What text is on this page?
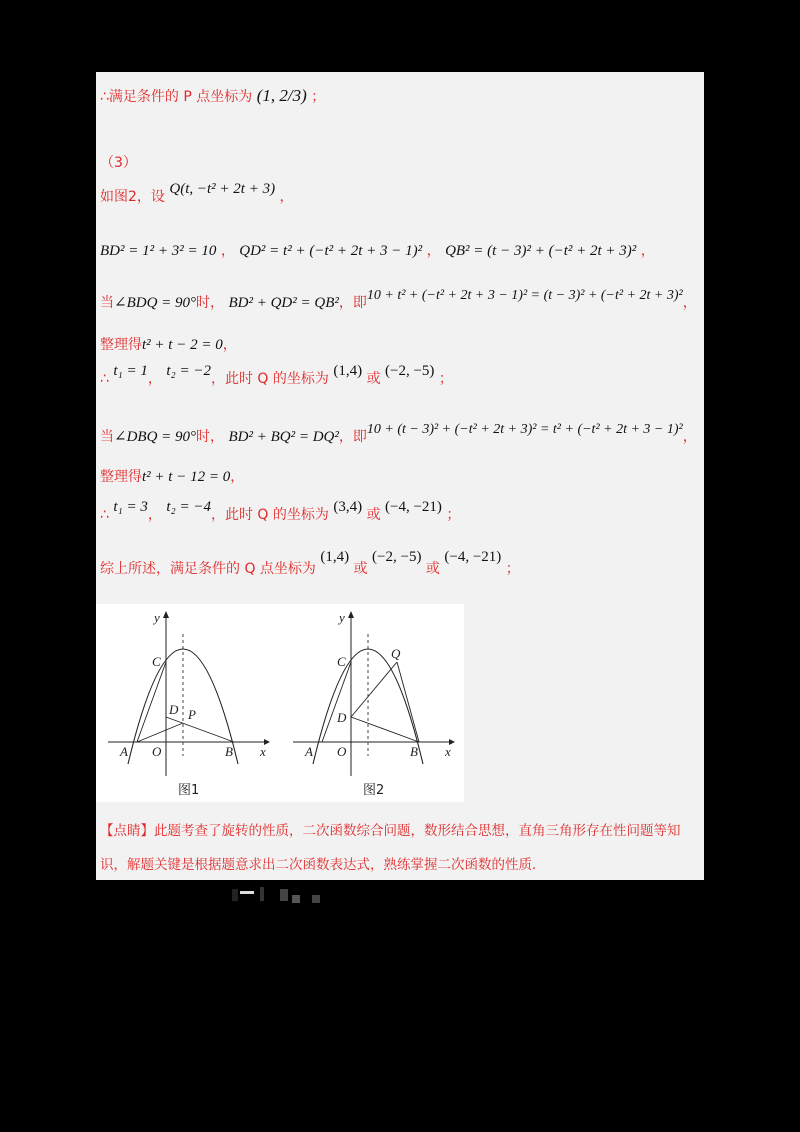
∴满足条件的 P 点坐标为 (1, 2/3) ；
（3）
如图2，设 Q(t, −t² + 2t + 3) ，
BD² = 1² + 3² = 10 ， QD² = t² + (−t² + 2t + 3 − 1)² ， QB² = (t − 3)² + (−t² + 2t + 3)² ，
当∠BDQ = 90°时， BD² + QD² = QB²，即10 + t² + (−t² + 2t + 3 − 1)² = (t − 3)² + (−t² + 2t + 3)²，
整理得t² + t − 2 = 0，
∴ t₁ = 1， t₂ = −2，此时 Q 的坐标为 (1,4) 或 (−2, −5) ；
当∠DBQ = 90°时， BD² + BQ² = DQ²，即10 + (t − 3)² + (−t² + 2t + 3)² = t² + (−t² + 2t + 3 − 1)²，
整理得t² + t − 12 = 0，
∴ t₁ = 3， t₂ = −4，此时 Q 的坐标为 (3,4) 或 (−4, −21) ；
综上所述，满足条件的 Q 点坐标为 (1,4) 或 (−2, −5) 或 (−4, −21) ；
y
x
C
D P
A O	B
图1
y
x
C
D
Q
A O	B
图2
【点睛】此题考查了旋转的性质，二次函数综合问题，数形结合思想，直角三角形存在性问题等知识，解题关键是根据题意求出二次函数表达式，熟练掌握二次函数的性质．
